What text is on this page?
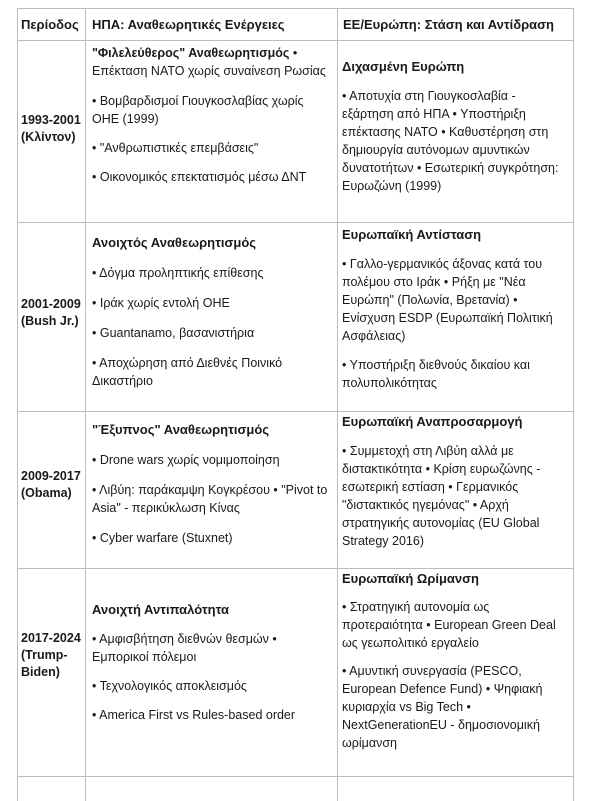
Περίοδος	ΗΠΑ: Αναθεωρητικές Ενέργειες	ΕΕ/Ευρώπη: Στάση και Αντίδραση
1993-2001
(Κλίντον)
"Φιλελεύθερος" Αναθεωρητισμός • Επέκταση ΝΑΤΟ χωρίς συναίνεση Ρωσίας
• Βομβαρδισμοί Γιουγκοσλαβίας χωρίς ΟΗΕ (1999)
• "Ανθρωπιστικές επεμβάσεις"
• Οικονομικός επεκτατισμός μέσω ΔΝΤ
Διχασμένη Ευρώπη
• Αποτυχία στη Γιουγκοσλαβία - εξάρτηση από ΗΠΑ • Υποστήριξη επέκτασης ΝΑΤΟ • Καθυστέρηση στη δημιουργία αυτόνομων αμυντικών δυνατοτήτων • Εσωτερική συγκρότηση: Ευρωζώνη (1999)
2001-2009
(Bush Jr.)
Ανοιχτός Αναθεωρητισμός
• Δόγμα προληπτικής επίθεσης
• Ιράκ χωρίς εντολή ΟΗΕ
• Guantanamo, βασανιστήρια
• Αποχώρηση από Διεθνές Ποινικό Δικαστήριο
Ευρωπαϊκή Αντίσταση
• Γαλλο-γερμανικός άξονας κατά του πολέμου στο Ιράκ • Ρήξη με "Νέα Ευρώπη" (Πολωνία, Βρετανία) • Ενίσχυση ESDP (Ευρωπαϊκή Πολιτική Ασφάλειας)
• Υποστήριξη διεθνούς δικαίου και πολυπολικότητας
2009-2017
(Obama)
"Έξυπνος" Αναθεωρητισμός
• Drone wars χωρίς νομιμοποίηση
• Λιβύη: παράκαμψη Κογκρέσου • "Pivot to Asia" - περικύκλωση Κίνας
• Cyber warfare (Stuxnet)
Ευρωπαϊκή Αναπροσαρμογή
• Συμμετοχή στη Λιβύη αλλά με διστακτικότητα • Κρίση ευρωζώνης - εσωτερική εστίαση • Γερμανικός "διστακτικός ηγεμόνας" • Αρχή στρατηγικής αυτονομίας (EU Global Strategy 2016)
2017-2024
(Trump-
Biden)
Ανοιχτή Αντιπαλότητα
• Αμφισβήτηση διεθνών θεσμών • Εμπορικοί πόλεμοι
• Τεχνολογικός αποκλεισμός
• America First vs Rules-based order
Ευρωπαϊκή Ωρίμανση
• Στρατηγική αυτονομία ως προτεραιότητα • European Green Deal ως γεωπολιτικό εργαλείο
• Αμυντική συνεργασία (PESCO, European Defence Fund) • Ψηφιακή κυριαρχία vs Big Tech • NextGenerationEU - δημοσιονομική ωρίμανση
